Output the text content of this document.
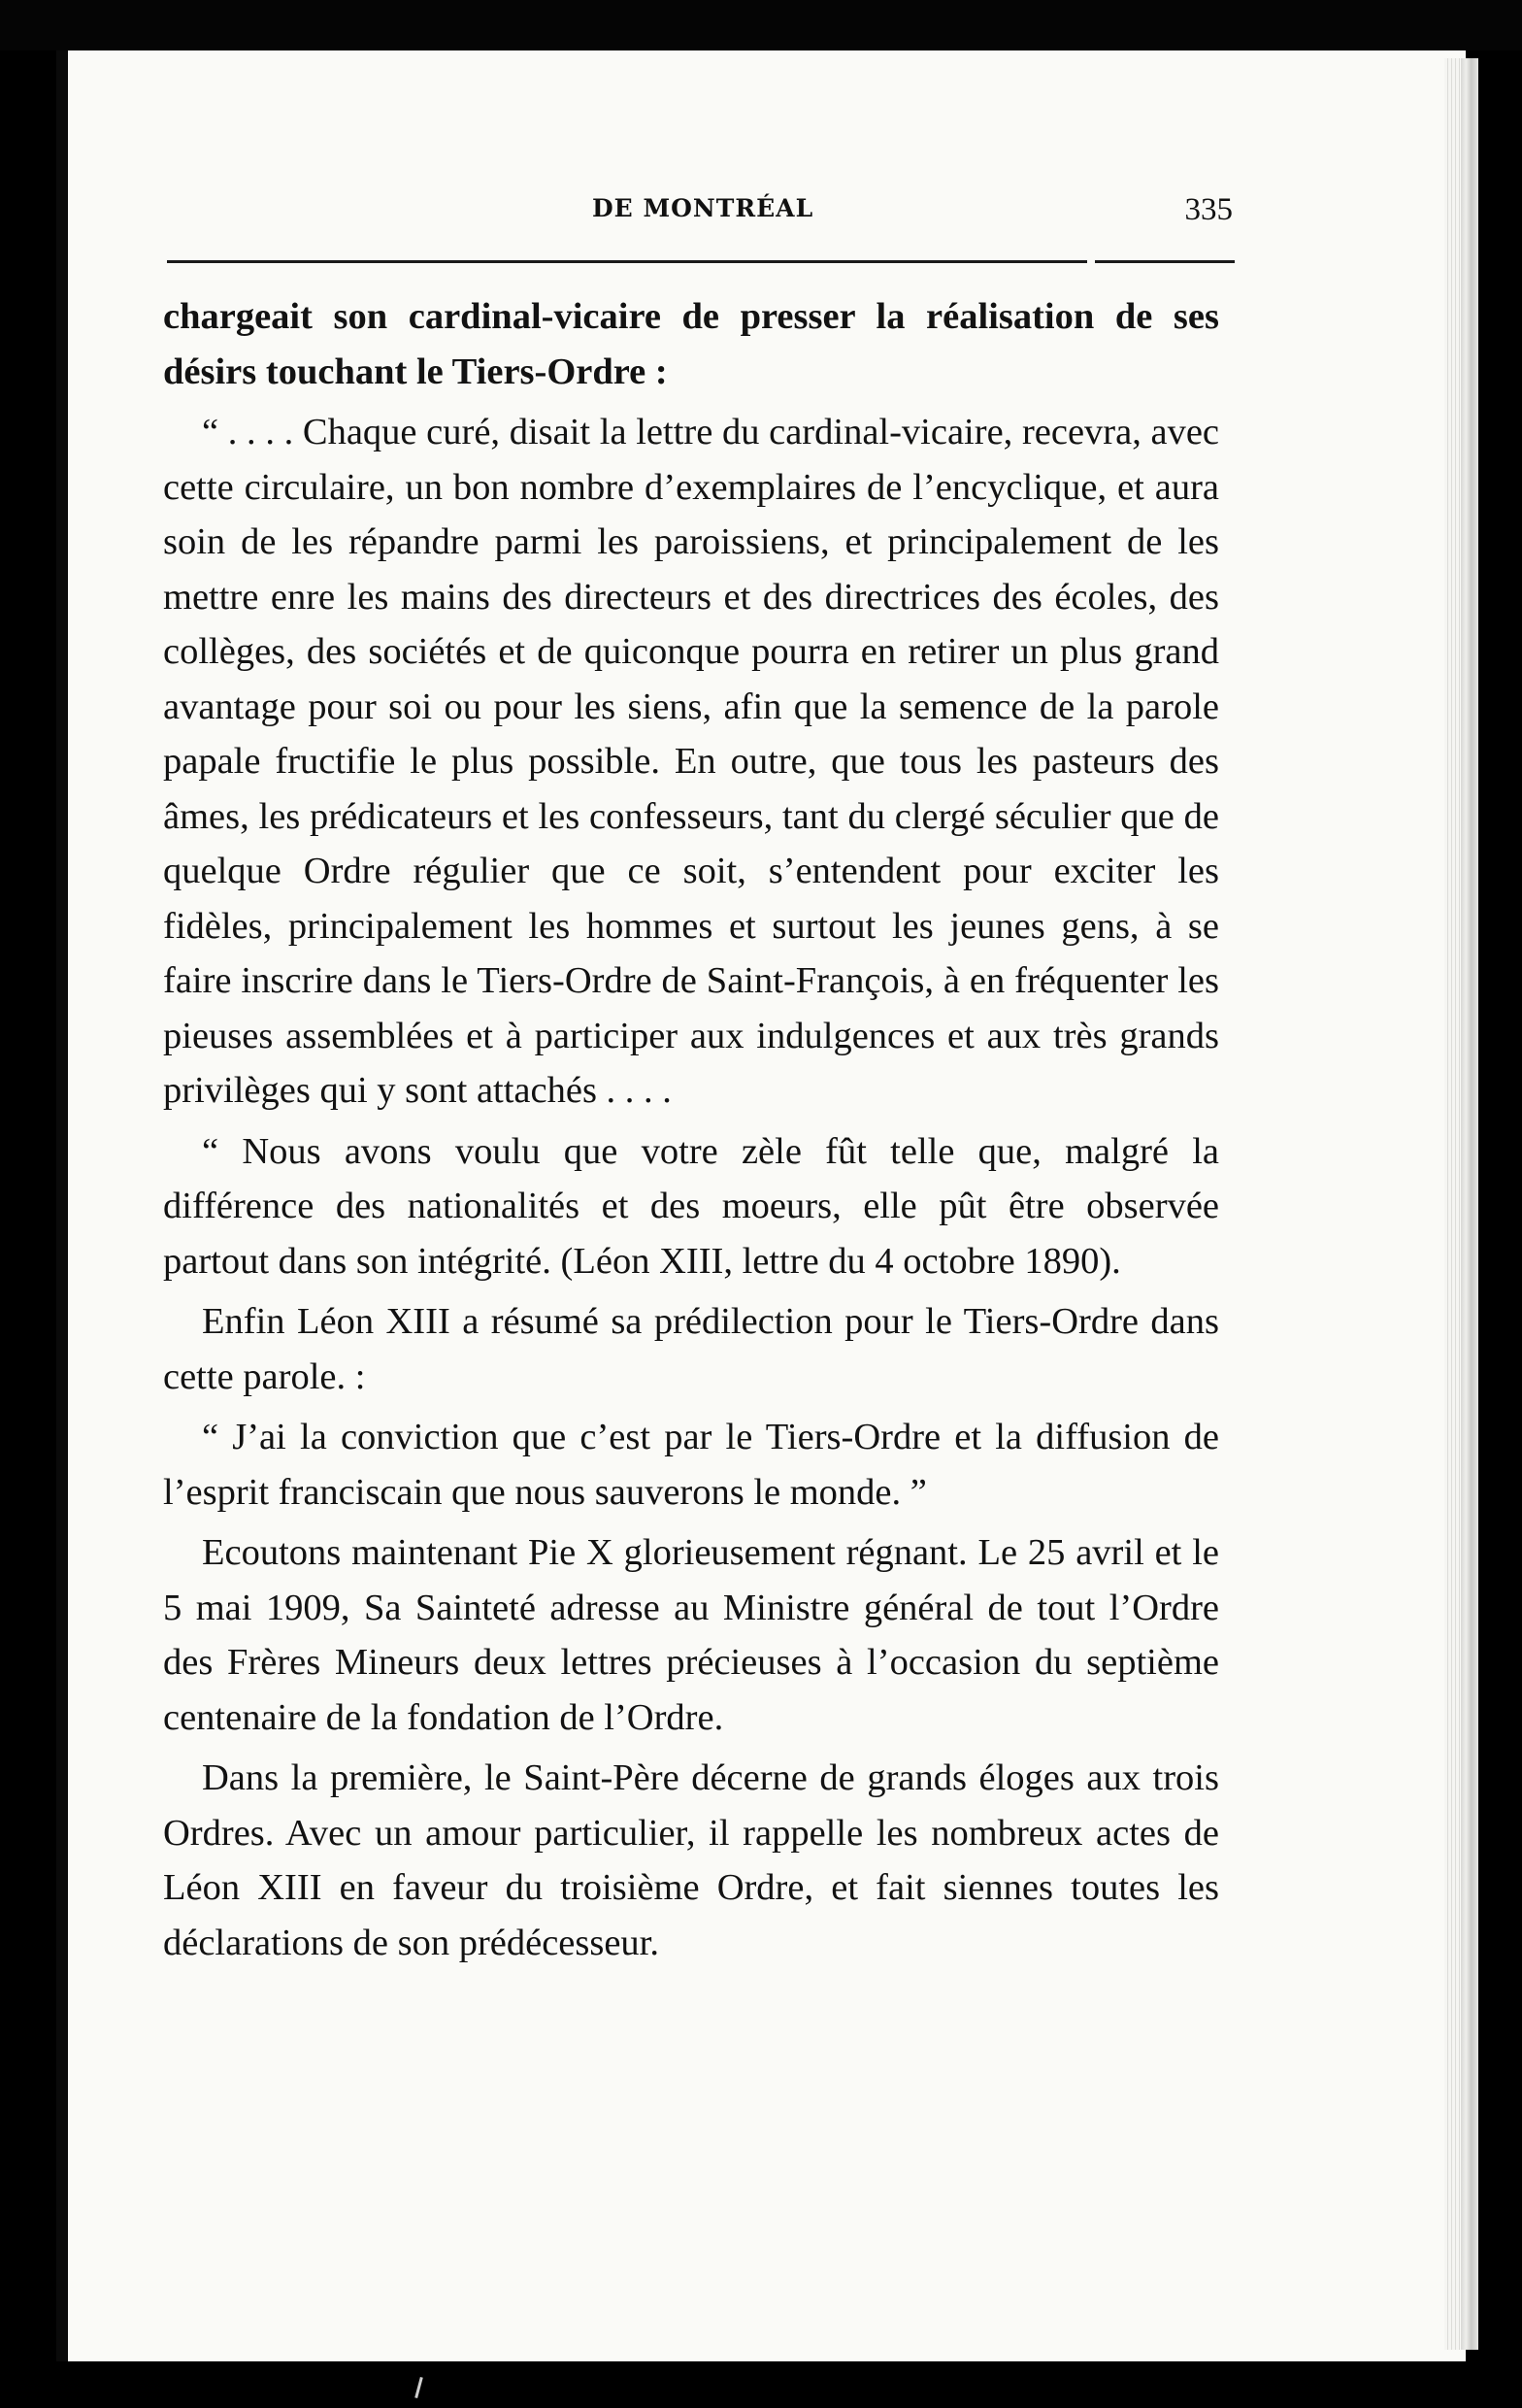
DE MONTRÉAL	335

chargeait son cardinal-vicaire de presser la réalisation de ses désirs touchant le Tiers-Ordre :

“ . . . . Chaque curé, disait la lettre du cardinal-vicaire, recevra, avec cette circulaire, un bon nombre d’exemplaires de l’encyclique, et aura soin de les répandre parmi les paroissiens, et principalement de les mettre enre les mains des directeurs et des directrices des écoles, des collèges, des sociétés et de quiconque pourra en retirer un plus grand avantage pour soi ou pour les siens, afin que la semence de la parole papale fructifie le plus possible. En outre, que tous les pasteurs des âmes, les prédicateurs et les confesseurs, tant du clergé séculier que de quelque Ordre régulier que ce soit, s’entendent pour exciter les fidèles, principalement les hommes et surtout les jeunes gens, à se faire inscrire dans le Tiers-Ordre de Saint-François, à en fréquenter les pieuses assemblées et à participer aux indulgences et aux très grands privilèges qui y sont attachés . . . .

“ Nous avons voulu que votre zèle fût telle que, malgré la différence des nationalités et des moeurs, elle pût être observée partout dans son intégrité. (Léon XIII, lettre du 4 octobre 1890).

Enfin Léon XIII a résumé sa prédilection pour le Tiers-Ordre dans cette parole. :

“ J’ai la conviction que c’est par le Tiers-Ordre et la diffusion de l’esprit franciscain que nous sauverons le monde. ”

Ecoutons maintenant Pie X glorieusement régnant. Le 25 avril et le 5 mai 1909, Sa Sainteté adresse au Ministre général de tout l’Ordre des Frères Mineurs deux lettres précieuses à l’occasion du septième centenaire de la fondation de l’Ordre.

Dans la première, le Saint-Père décerne de grands éloges aux trois Ordres. Avec un amour particulier, il rappelle les nombreux actes de Léon XIII en faveur du troisième Ordre, et fait siennes toutes les déclarations de son prédécesseur.
